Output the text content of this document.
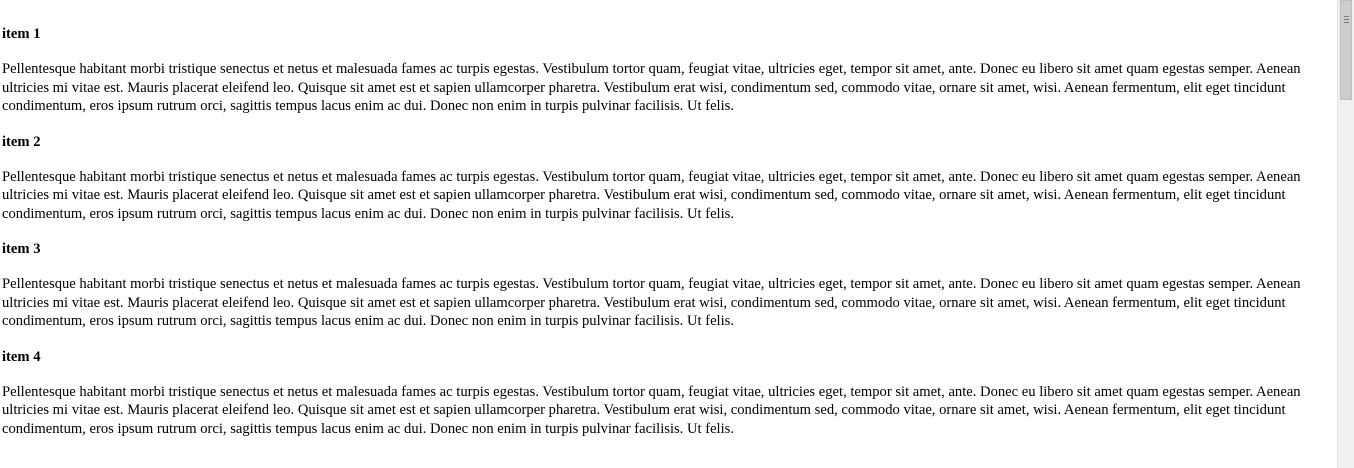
item 1

Pellentesque habitant morbi tristique senectus et netus et malesuada fames ac turpis egestas. Vestibulum tortor quam, feugiat vitae, ultricies eget, tempor sit amet, ante. Donec eu libero sit amet quam egestas semper. Aenean ultricies mi vitae est. Mauris placerat eleifend leo. Quisque sit amet est et sapien ullamcorper pharetra. Vestibulum erat wisi, condimentum sed, commodo vitae, ornare sit amet, wisi. Aenean fermentum, elit eget tincidunt condimentum, eros ipsum rutrum orci, sagittis tempus lacus enim ac dui. Donec non enim in turpis pulvinar facilisis. Ut felis.

item 2

Pellentesque habitant morbi tristique senectus et netus et malesuada fames ac turpis egestas. Vestibulum tortor quam, feugiat vitae, ultricies eget, tempor sit amet, ante. Donec eu libero sit amet quam egestas semper. Aenean ultricies mi vitae est. Mauris placerat eleifend leo. Quisque sit amet est et sapien ullamcorper pharetra. Vestibulum erat wisi, condimentum sed, commodo vitae, ornare sit amet, wisi. Aenean fermentum, elit eget tincidunt condimentum, eros ipsum rutrum orci, sagittis tempus lacus enim ac dui. Donec non enim in turpis pulvinar facilisis. Ut felis.

item 3

Pellentesque habitant morbi tristique senectus et netus et malesuada fames ac turpis egestas. Vestibulum tortor quam, feugiat vitae, ultricies eget, tempor sit amet, ante. Donec eu libero sit amet quam egestas semper. Aenean ultricies mi vitae est. Mauris placerat eleifend leo. Quisque sit amet est et sapien ullamcorper pharetra. Vestibulum erat wisi, condimentum sed, commodo vitae, ornare sit amet, wisi. Aenean fermentum, elit eget tincidunt condimentum, eros ipsum rutrum orci, sagittis tempus lacus enim ac dui. Donec non enim in turpis pulvinar facilisis. Ut felis.

item 4

Pellentesque habitant morbi tristique senectus et netus et malesuada fames ac turpis egestas. Vestibulum tortor quam, feugiat vitae, ultricies eget, tempor sit amet, ante. Donec eu libero sit amet quam egestas semper. Aenean ultricies mi vitae est. Mauris placerat eleifend leo. Quisque sit amet est et sapien ullamcorper pharetra. Vestibulum erat wisi, condimentum sed, commodo vitae, ornare sit amet, wisi. Aenean fermentum, elit eget tincidunt condimentum, eros ipsum rutrum orci, sagittis tempus lacus enim ac dui. Donec non enim in turpis pulvinar facilisis. Ut felis.
